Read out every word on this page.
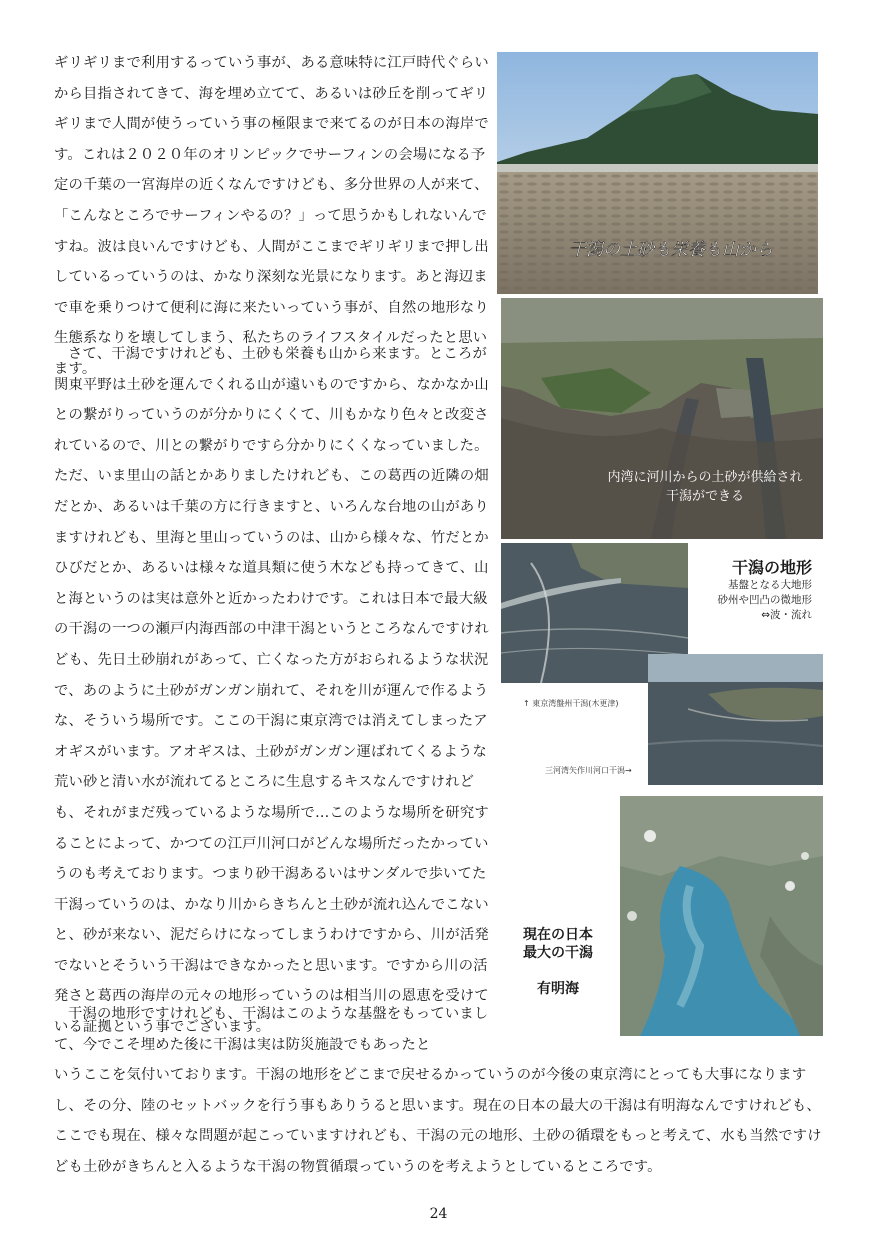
ギリギリまで利用するっていう事が、ある意味特に江戸時代ぐらいから目指されてきて、海を埋め立てて、あるいは砂丘を削ってギリギリまで人間が使うっていう事の極限まで来てるのが日本の海岸です。これは２０２０年のオリンピックでサーフィンの会場になる予定の千葉の一宮海岸の近くなんですけども、多分世界の人が来て、「こんなところでサーフィンやるの？」って思うかもしれないんですね。波は良いんですけども、人間がここまでギリギリまで押し出しているっていうのは、かなり深刻な光景になります。あと海辺まで車を乗りつけて便利に海に来たいっていう事が、自然の地形なり生態系なりを壊してしまう、私たちのライフスタイルだったと思います。

さて、干潟ですけれども、土砂も栄養も山から来ます。ところが関東平野は土砂を運んでくれる山が遠いものですから、なかなか山との繋がりっていうのが分かりにくくて、川もかなり色々と改変されているので、川との繋がりですら分かりにくくなっていました。ただ、いま里山の話とかありましたけれども、この葛西の近隣の畑だとか、あるいは千葉の方に行きますと、いろんな台地の山がありますけれども、里海と里山っていうのは、山から様々な、竹だとかひびだとか、あるいは様々な道具類に使う木なども持ってきて、山と海というのは実は意外と近かったわけです。これは日本で最大級の干潟の一つの瀬戸内海西部の中津干潟というところなんですけれども、先日土砂崩れがあって、亡くなった方がおられるような状況で、あのように土砂がガンガン崩れて、それを川が運んで作るような、そういう場所です。ここの干潟に東京湾では消えてしまったアオギスがいます。アオギスは、土砂がガンガン運ばれてくるような荒い砂と清い水が流れてるところに生息するキスなんですけれども、それがまだ残っているような場所で…このような場所を研究することによって、かつての江戸川河口がどんな場所だったかっていうのも考えております。つまり砂干潟あるいはサンダルで歩いてた干潟っていうのは、かなり川からきちんと土砂が流れ込んでこないと、砂が来ない、泥だらけになってしまうわけですから、川が活発でないとそういう干潟はできなかったと思います。ですから川の活発さと葛西の海岸の元々の地形っていうのは相当川の恩恵を受けている証拠という事でございます。

干潟の地形ですけれども、干潟はこのような基盤をもっていまして、今でこそ埋めた後に干潟は実は防災施設でもあったと

いうここを気付いております。干潟の地形をどこまで戻せるかっていうのが今後の東京湾にとっても大事になりますし、その分、陸のセットバックを行う事もありうると思います。現在の日本の最大の干潟は有明海なんですけれども、ここでも現在、様々な問題が起こっていますけれども、干潟の元の地形、土砂の循環をもっと考えて、水も当然ですけども土砂がきちんと入るような干潟の物質循環っていうのを考えようとしているところです。

干潟の土砂も栄養も山から
内湾に河川からの土砂が供給され
干潟ができる
干潟の地形
基盤となる大地形
砂州や凹凸の微地形
⇔波・流れ
↑ 東京湾盤州干潟(木更津)
三河湾矢作川河口干潟→
現在の日本
最大の干潟
有明海
24
